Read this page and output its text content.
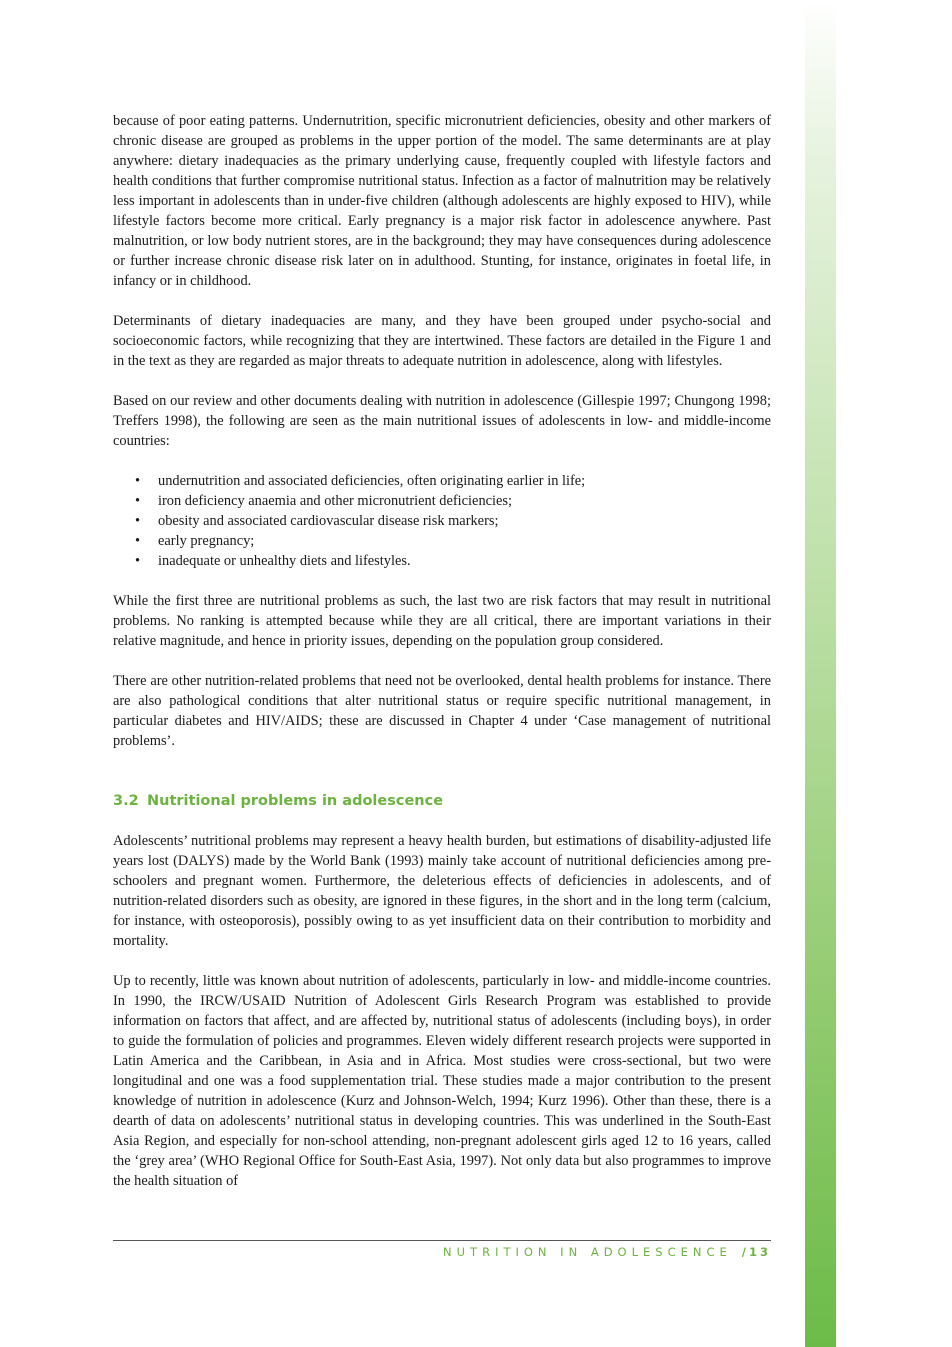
because of poor eating patterns. Undernutrition, specific micronutrient deficiencies, obesity and other markers of chronic disease are grouped as problems in the upper portion of the model. The same determinants are at play anywhere: dietary inadequacies as the primary underlying cause, frequently coupled with lifestyle factors and health conditions that further compromise nutritional status. Infection as a factor of malnutrition may be relatively less important in adolescents than in under-five children (although adolescents are highly exposed to HIV), while lifestyle factors become more critical. Early pregnancy is a major risk factor in adolescence anywhere. Past malnutrition, or low body nutrient stores, are in the background; they may have consequences during adolescence or further increase chronic disease risk later on in adulthood. Stunting, for instance, originates in foetal life, in infancy or in childhood.

Determinants of dietary inadequacies are many, and they have been grouped under psycho-social and socioeconomic factors, while recognizing that they are intertwined. These factors are detailed in the Figure 1 and in the text as they are regarded as major threats to adequate nutrition in adolescence, along with lifestyles.

Based on our review and other documents dealing with nutrition in adolescence (Gillespie 1997; Chungong 1998; Treffers 1998), the following are seen as the main nutritional issues of adolescents in low- and middle-income countries:

• undernutrition and associated deficiencies, often originating earlier in life;
• iron deficiency anaemia and other micronutrient deficiencies;
• obesity and associated cardiovascular disease risk markers;
• early pregnancy;
• inadequate or unhealthy diets and lifestyles.

While the first three are nutritional problems as such, the last two are risk factors that may result in nutritional problems. No ranking is attempted because while they are all critical, there are important variations in their relative magnitude, and hence in priority issues, depending on the population group considered.

There are other nutrition-related problems that need not be overlooked, dental health problems for instance. There are also pathological conditions that alter nutritional status or require specific nutritional management, in particular diabetes and HIV/AIDS; these are discussed in Chapter 4 under ‘Case management of nutritional problems’.

3.2 Nutritional problems in adolescence

Adolescents’ nutritional problems may represent a heavy health burden, but estimations of disability-adjusted life years lost (DALYS) made by the World Bank (1993) mainly take account of nutritional deficiencies among pre-schoolers and pregnant women. Furthermore, the deleterious effects of deficiencies in adolescents, and of nutrition-related disorders such as obesity, are ignored in these figures, in the short and in the long term (calcium, for instance, with osteoporosis), possibly owing to as yet insufficient data on their contribution to morbidity and mortality.

Up to recently, little was known about nutrition of adolescents, particularly in low- and middle-income countries. In 1990, the IRCW/USAID Nutrition of Adolescent Girls Research Program was established to provide information on factors that affect, and are affected by, nutritional status of adolescents (including boys), in order to guide the formulation of policies and programmes. Eleven widely different research projects were supported in Latin America and the Caribbean, in Asia and in Africa. Most studies were cross-sectional, but two were longitudinal and one was a food supplementation trial. These studies made a major contribution to the present knowledge of nutrition in adolescence (Kurz and Johnson-Welch, 1994; Kurz 1996). Other than these, there is a dearth of data on adolescents’ nutritional status in developing countries. This was underlined in the South-East Asia Region, and especially for non-school attending, non-pregnant adolescent girls aged 12 to 16 years, called the ‘grey area’ (WHO Regional Office for South-East Asia, 1997). Not only data but also programmes to improve the health situation of

NUTRITION IN ADOLESCENCE /13
